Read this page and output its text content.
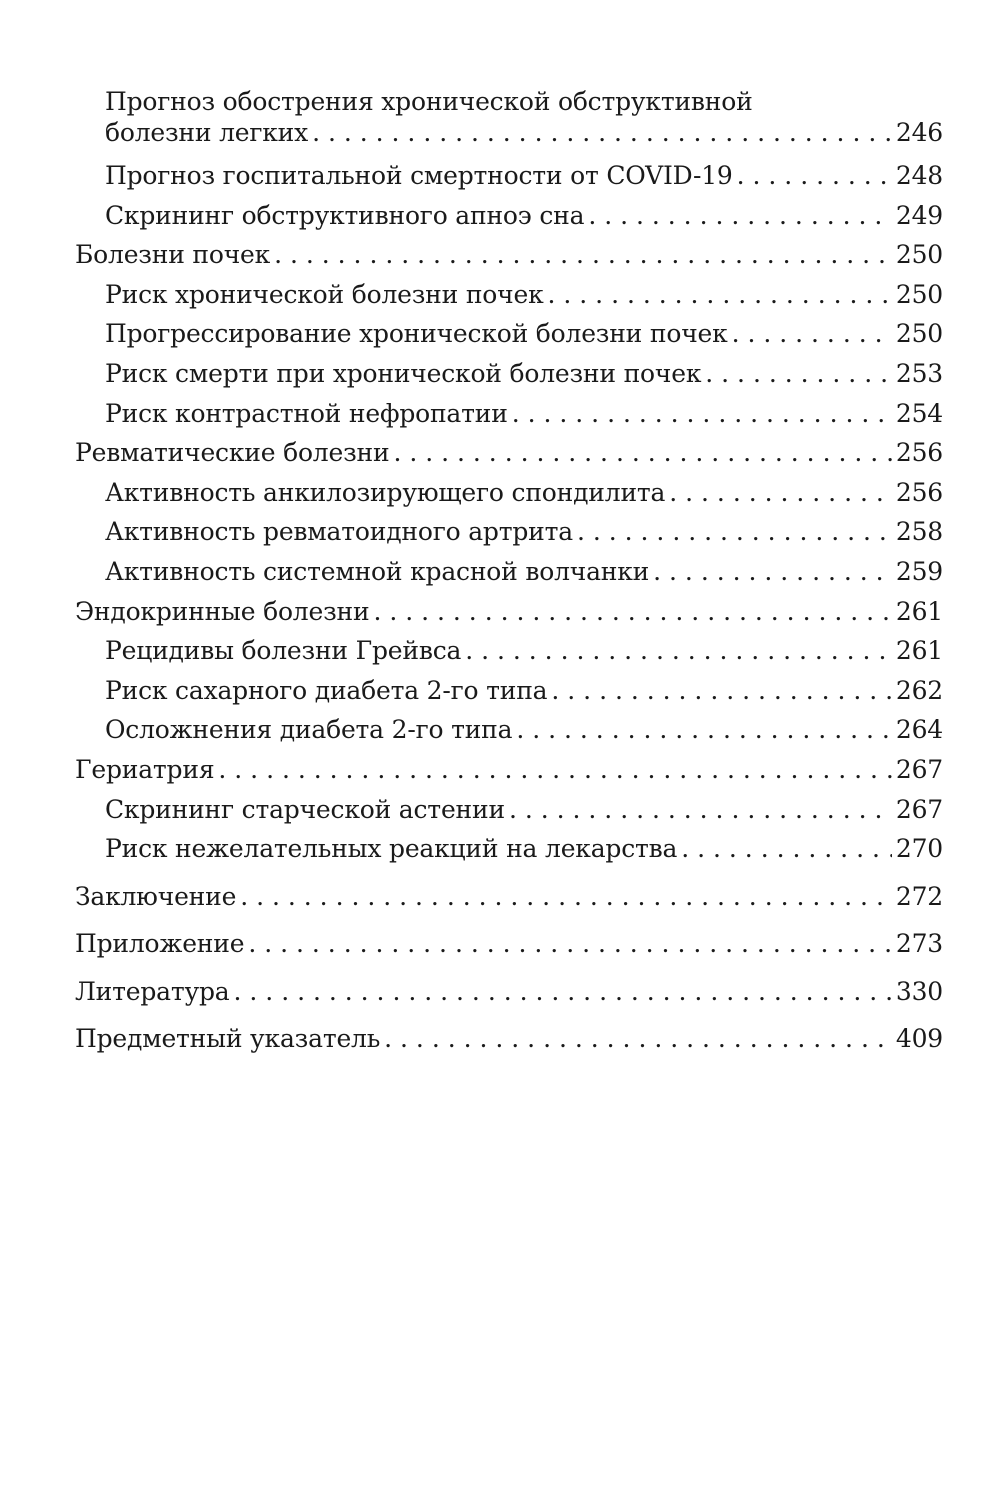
Прогноз обострения хронической обструктивной
болезни легких . . .	246
Прогноз госпитальной смертности от COVID-19 . . .	248
Скрининг обструктивного апноэ сна . . .	249
Болезни почек . . .	250
Риск хронической болезни почек . . .	250
Прогрессирование хронической болезни почек . . .	250
Риск смерти при хронической болезни почек . . .	253
Риск контрастной нефропатии . . .	254
Ревматические болезни . . .	256
Активность анкилозирующего спондилита . . .	256
Активность ревматоидного артрита . . .	258
Активность системной красной волчанки . . .	259
Эндокринные болезни . . .	261
Рецидивы болезни Грейвса . . .	261
Риск сахарного диабета 2-го типа . . .	262
Осложнения диабета 2-го типа . . .	264
Гериатрия . . .	267
Скрининг старческой астении . . .	267
Риск нежелательных реакций на лекарства . . .	270
Заключение . . .	272
Приложение . . .	273
Литература . . .	330
Предметный указатель . . .	409
